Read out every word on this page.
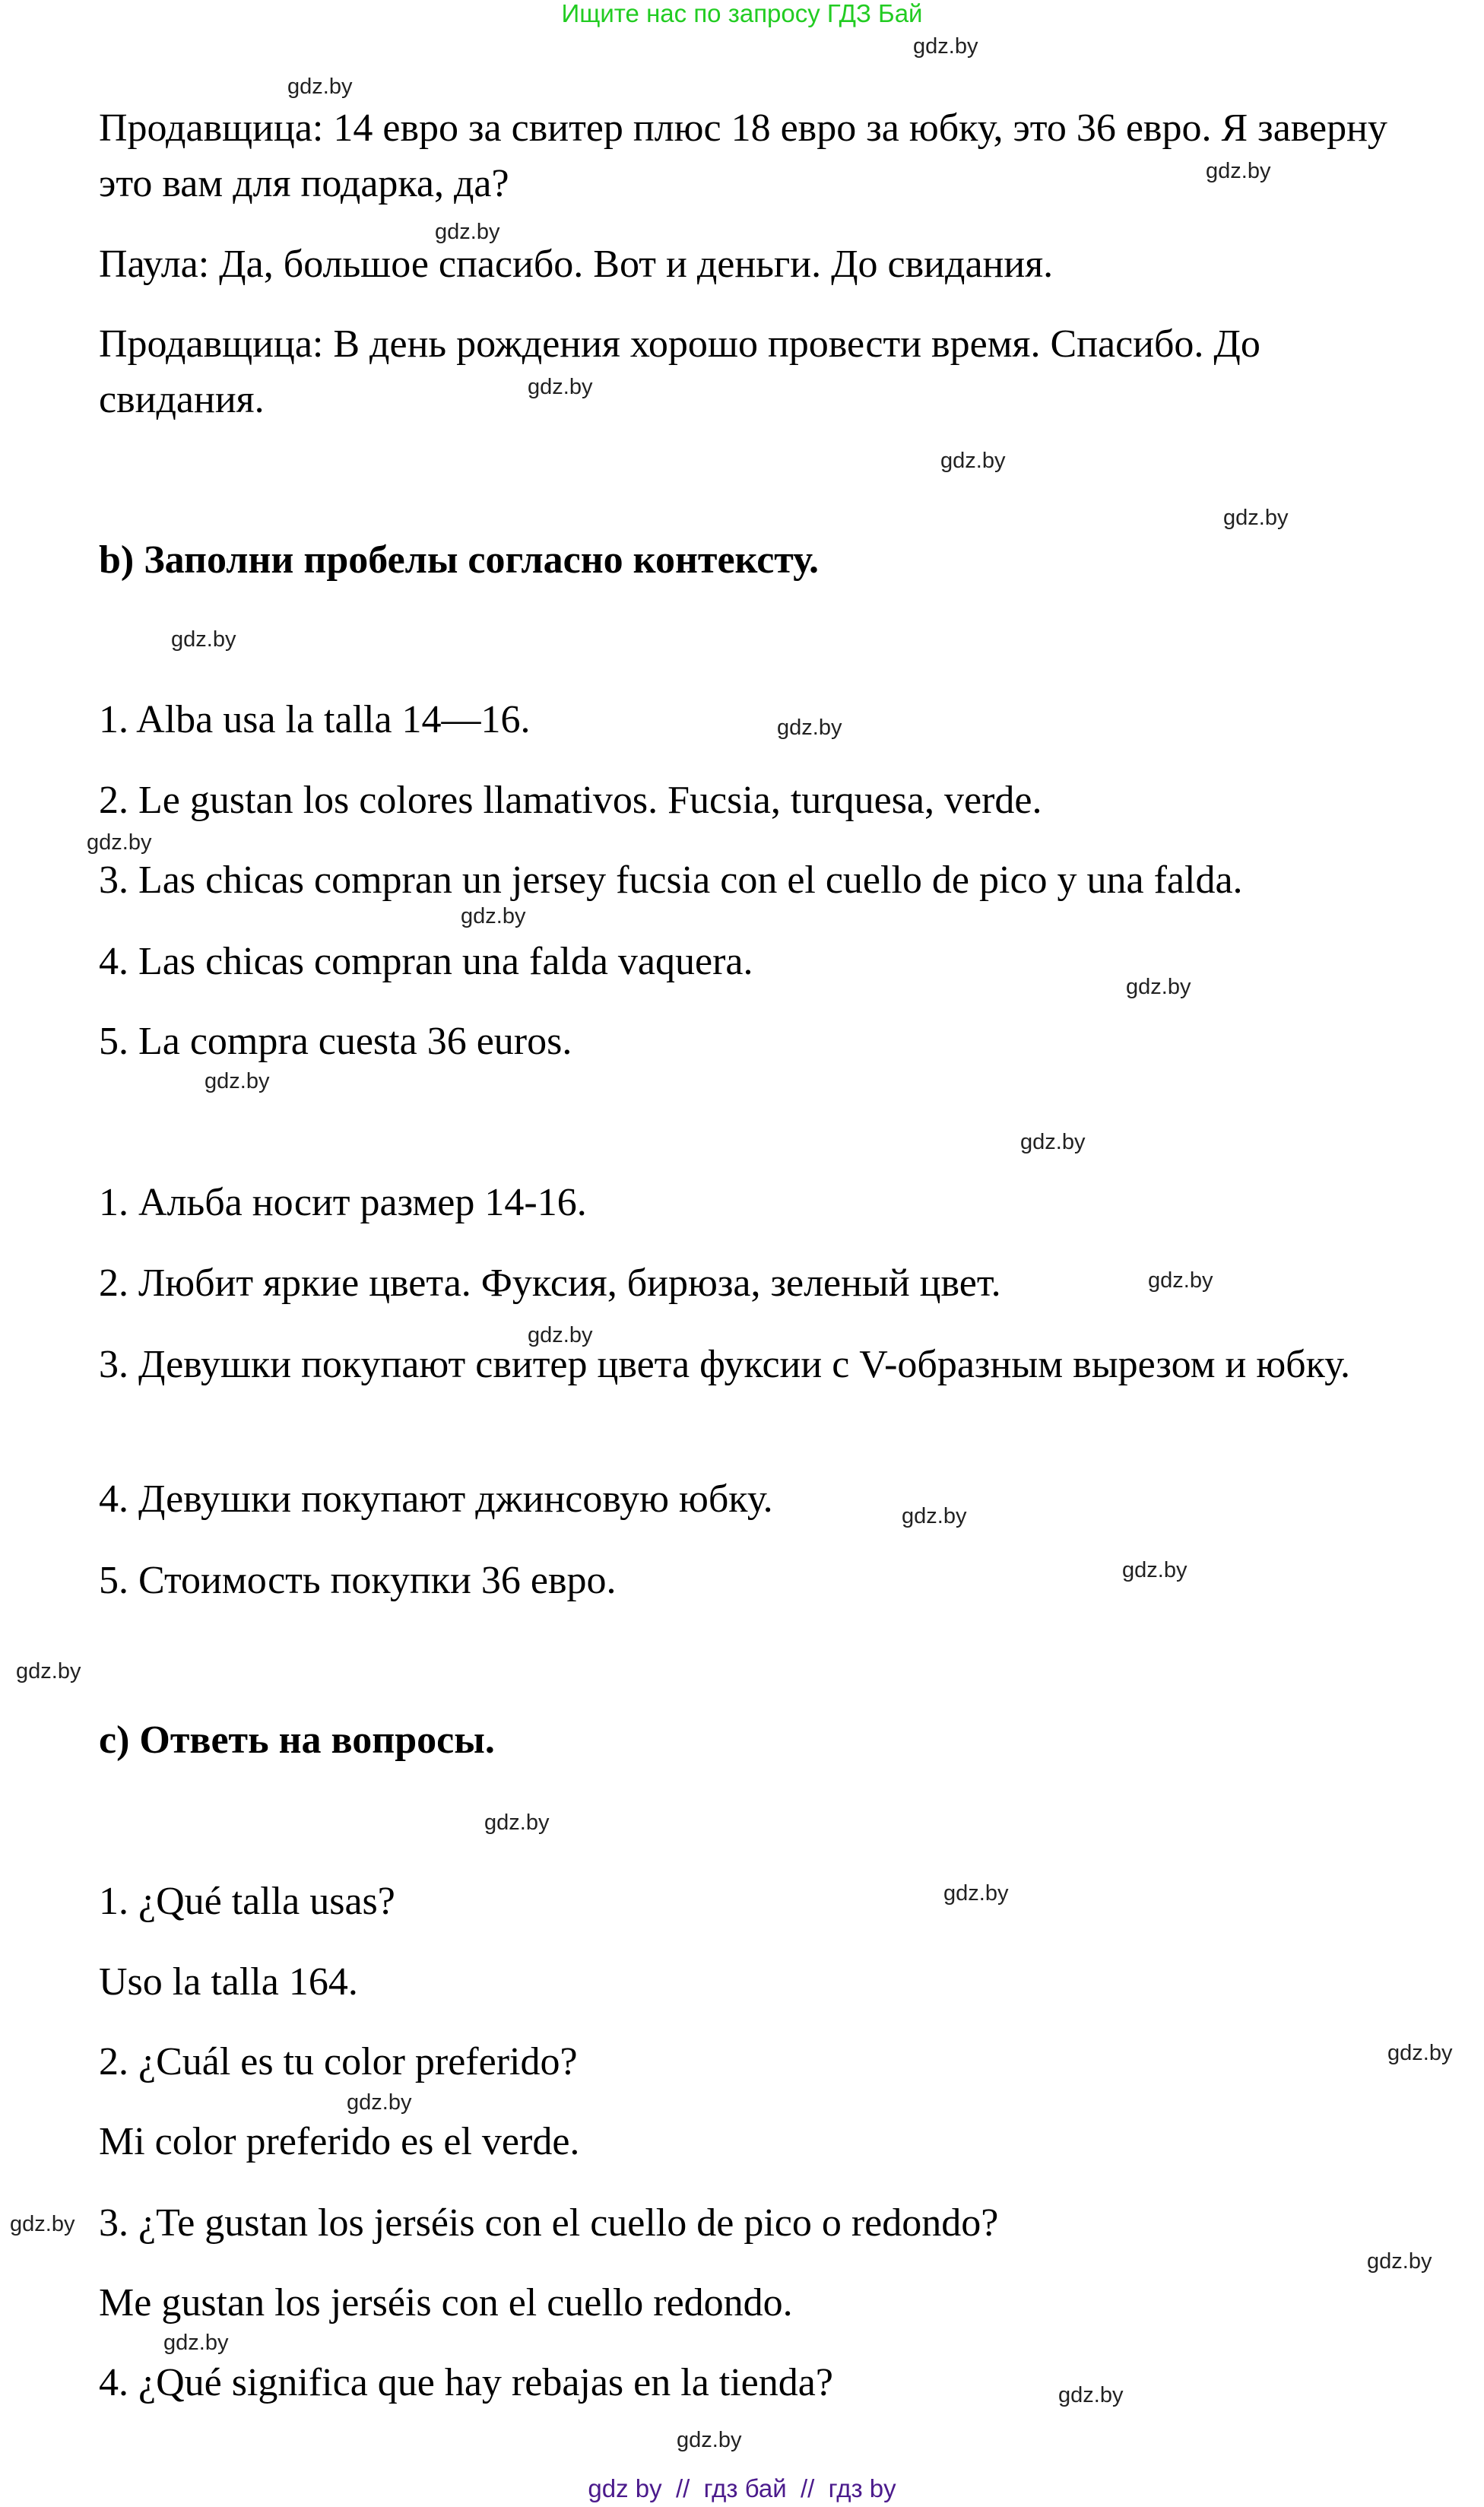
Ищите нас по запросу ГДЗ Бай
Продавщица: 14 евро за свитер плюс 18 евро за юбку, это 36 евро. Я заверну это вам для подарка, да?
Паула: Да, большое спасибо. Вот и деньги. До свидания.
Продавщица: В день рождения хорошо провести время. Спасибо. До свидания.
b) Заполни пробелы согласно контексту.
1. Alba usa la talla 14—16.
2. Le gustan los colores llamativos. Fucsia, turquesa, verde.
3. Las chicas compran un jersey fucsia con el cuello de pico y una falda.
4. Las chicas compran una falda vaquera.
5. La compra cuesta 36 euros.
1. Альба носит размер 14-16.
2. Любит яркие цвета. Фуксия, бирюза, зеленый цвет.
3. Девушки покупают свитер цвета фуксии с V-образным вырезом и юбку.
4. Девушки покупают джинсовую юбку.
5. Стоимость покупки 36 евро.
c) Ответь на вопросы.
1. ¿Qué talla usas?
Uso la talla 164.
2. ¿Cuál es tu color preferido?
Mi color preferido es el verde.
3. ¿Te gustan los jerséis con el cuello de pico o redondo?
Me gustan los jerséis con el cuello redondo.
4. ¿Qué significa que hay rebajas en la tienda?
gdz.by
gdz.by
gdz.by
gdz.by
gdz.by
gdz.by
gdz.by
gdz.by
gdz.by
gdz.by
gdz.by
gdz.by
gdz.by
gdz.by
gdz.by
gdz.by
gdz.by
gdz.by
gdz.by
gdz.by
gdz.by
gdz.by
gdz.by
gdz.by
gdz.by
gdz.by
gdz.by
gdz.by
gdz by  //  гдз бай  //  гдз by
